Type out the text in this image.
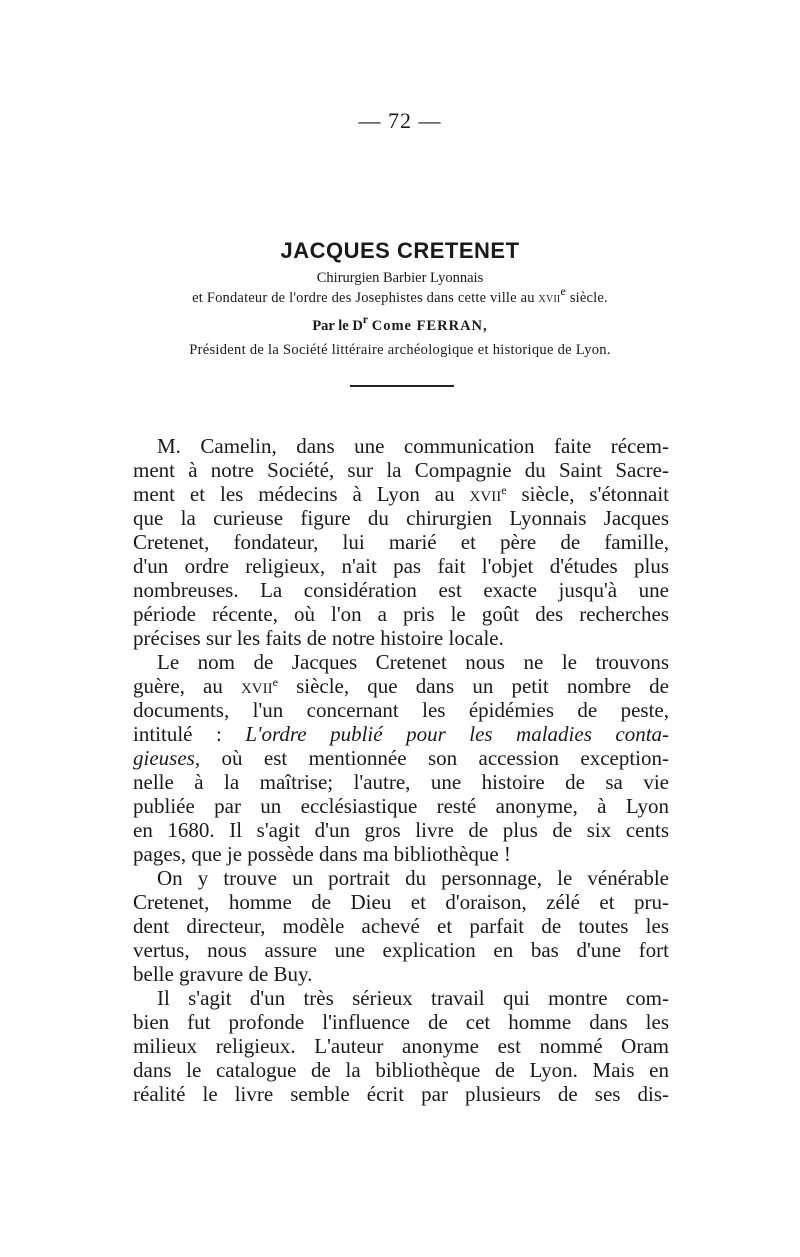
— 72 —
JACQUES CRETENET
Chirurgien Barbier Lyonnais
et Fondateur de l'ordre des Josephistes dans cette ville au xvii$^e$ siècle.
Par le $D^r$ Come FERRAN,
Président de la Société littéraire archéologique et historique de Lyon.
M. Camelin, dans une communication faite récem-
ment à notre Société, sur la Compagnie du Saint Sacre-
ment et les médecins à Lyon au xvii$^e$ siècle, s'étonnait
que la curieuse figure du chirurgien Lyonnais Jacques
Cretenet, fondateur, lui marié et père de famille,
d'un ordre religieux, n'ait pas fait l'objet d'études plus
nombreuses. La considération est exacte jusqu'à une
période récente, où l'on a pris le goût des recherches
précises sur les faits de notre histoire locale.
Le nom de Jacques Cretenet nous ne le trouvons
guère, au xvii$^e$ siècle, que dans un petit nombre de
documents, l'un concernant les épidémies de peste,
intitulé : L'ordre publié pour les maladies conta-
gieuses, où est mentionnée son accession exception-
nelle à la maîtrise; l'autre, une histoire de sa vie
publiée par un ecclésiastique resté anonyme, à Lyon
en 1680. Il s'agit d'un gros livre de plus de six cents
pages, que je possède dans ma bibliothèque !
On y trouve un portrait du personnage, le vénérable
Cretenet, homme de Dieu et d'oraison, zélé et pru-
dent directeur, modèle achevé et parfait de toutes les
vertus, nous assure une explication en bas d'une fort
belle gravure de Buy.
Il s'agit d'un très sérieux travail qui montre com-
bien fut profonde l'influence de cet homme dans les
milieux religieux. L'auteur anonyme est nommé Oram
dans le catalogue de la bibliothèque de Lyon. Mais en
réalité le livre semble écrit par plusieurs de ses dis-
